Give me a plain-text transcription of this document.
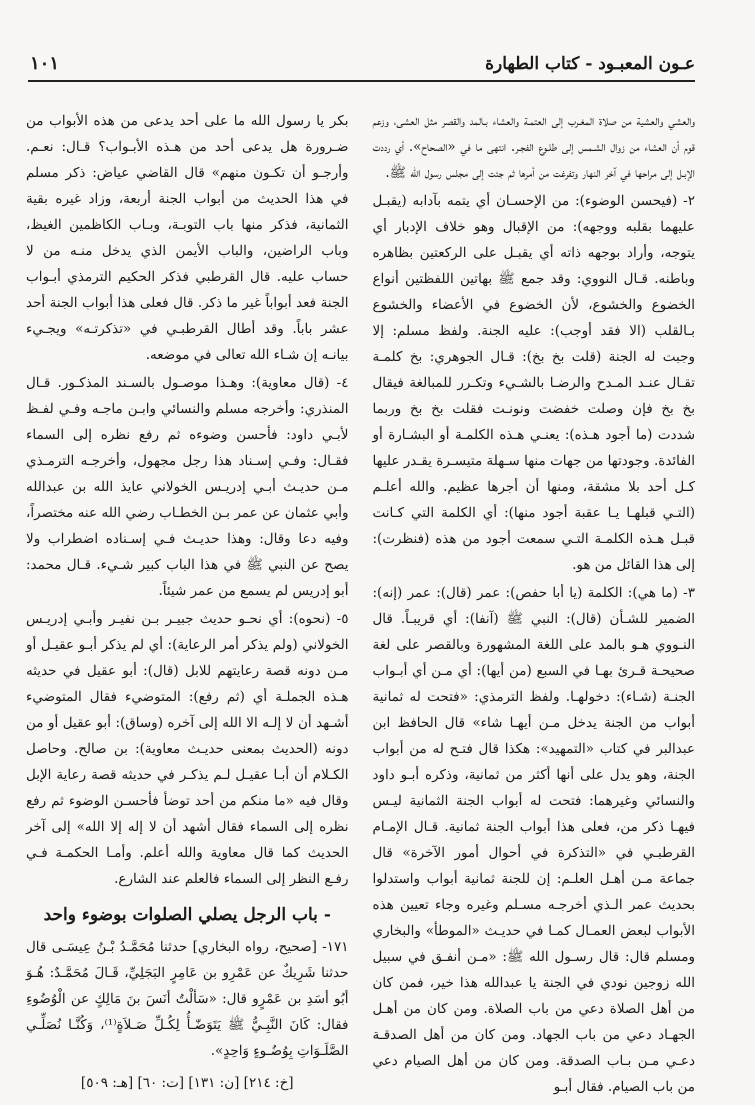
١٠١	عـون المعبـود - كتاب الطهارة

والعشي والعشية من صلاة المغـرب إلى العتمـة والعشاء بـالمد والقصر مثل العشى، وزعم قوم أن العشاء من زوال الشـمس إلى طلـوع الفجـر. انتهى ما في «الصحاح». أي رددت الإبـل إلى مراحها في آخر النهار وتفرغت من أمرها ثم جئت إلى مجلس رسول الله ﷺ.

٢- (فيحسن الوضوء): من الإحسـان أي يتمه بآدابه (يقبـل عليهما بقلبه ووجهه): من الإقبال وهو خلاف الإدبار أي يتوجه، وأراد بوجهه ذاته أي يقبـل على الركعتين بظاهره وباطنه. قـال النووي: وقد جمع ﷺ بهاتين اللفظتين أنواع الخضوع والخشوع، لأن الخضوع في الأعضاء والخشوع بـالقلب (الا فقد أوجب): عليه الجنة. ولفظ مسلم: إلا وجبت له الجنة (قلت بخ بخ): قـال الجوهري: بخ كلمـة تقـال عنـد المـدح والرضـا بالشـيء وتكـرر للمبالغة فيقال بخ بخ فإن وصلت خفضت ونونـت فقلت بخ بخ وربما شددت (ما أجود هـذه): يعنـي هـذه الكلمـة أو البشـارة أو الفائدة. وجودتها من جهات منها سـهلة متيسـرة يقـدر عليها كـل أحد بلا مشقة، ومنها أن أجرها عظيم. والله أعلـم (التـي قبلهـا يـا عقبة أجود منها): أي الكلمة التي كـانت قبـل هـذه الكلمـة التـي سمعت أجود من هذه (فنظرت): إلى هذا القائل من هو.

٣- (ما هي): الكلمة (يا أبا حفص): عمر (قال): عمر (إنه): الضمير للشـأن (قال): النبي ﷺ (آنفا): أي قريبـاً. قال النـووي هـو بالمد على اللغة المشهورة وبالقصر على لغة صحيحـة قـرئ بهـا في السبع (من أيها): أي مـن أي أبـواب الجنـة (شـاء): دخولهـا. ولفظ الترمذي: «فتحت له ثمانية أبواب من الجنة يدخل مـن أيهـا شاء» قال الحافظ ابن عبدالبر في كتاب «التمهيد»: هكذا قال فتـح له من أبواب الجنة، وهو يدل على أنها أكثر من ثمانية، وذكره أبـو داود والنسائي وغيرهما: فتحت له أبواب الجنة الثمانية ليـس فيهـا ذكر من، فعلى هذا أبواب الجنة ثمانية. قـال الإمـام القرطبـي في «التذكرة في أحوال أمور الآخرة» قال جماعة مـن أهـل العلـم: إن للجنة ثمانية أبواب واستدلوا بحديث عمر الـذي أخرجـه مسـلم وغيره وجاء تعيين هذه الأبواب لبعض العمـال كمـا في حديـث «الموطأ» والبخاري ومسلم قال: قال رسـول الله ﷺ: «مـن أنفـق في سبيل الله زوجين نودي في الجنة يا عبدالله هذا خير، فمن كان من أهل الصلاة دعي من باب الصلاة. ومن كان من أهـل الجهـاد دعي من باب الجهاد. ومن كان من أهل الصدقـة دعـي مـن بـاب الصدقة. ومن كان من أهل الصيام دعي من باب الصيام. فقال أبـو

بكر يا رسول الله ما على أحد يدعى من هذه الأبواب من ضـرورة هل يدعى أحد من هـذه الأبـواب؟ قـال: نعـم. وأرجـو أن تكـون منهم» قال القاضي عياض: ذكر مسلم في هذا الحديث من أبواب الجنة أربعة، وزاد غيره بقية الثمانية، فذكر منها باب التوبـة، وبـاب الكاظمين الغيظ، وباب الراضين، والباب الأيمن الذي يدخل منـه من لا حساب عليه. قال القرطبي فذكر الحكيم الترمذي أبـواب الجنة فعد أبواباً غير ما ذكر. قال فعلى هذا أبواب الجنة أحد عشر باباً. وقد أطال القرطبـي في «تذكرتـه» ويجـيء بيانـه إن شـاء الله تعالى في موضعه.

٤- (قال معاوية): وهـذا موصـول بالسـند المذكـور. قـال المنذري: وأخرجه مسلم والنسائي وابـن ماجـه وفـي لفـظ لأبـي داود: فأحسن وضوءه ثم رفع نظره إلى السماء فقـال: وفـي إسـناد هذا رجل مجهول، وأخرجـه الترمـذي مـن حديـث أبـي إدريـس الخولاني عايذ الله بن عبدالله وأبي عثمان عن عمر بـن الخطـاب رضي الله عنه مختصراً، وفيه دعا وقال: وهذا حديـث فـي إسـناده اضطراب ولا يصح عن النبي ﷺ في هذا الباب كبير شـيء. قـال محمد: أبو إدريس لم يسمع من عمر شيئاً.

٥- (نحوه): أي نحـو حديث جبيـر بـن نفيـر وأبـي إدريـس الخولاني (ولم يذكر أمر الرعاية): أي لم يذكر أبـو عقيـل أو مـن دونه قصة رعايتهم للابل (قال): أبو عقيل في حديثه هـذه الجملـة أي (ثم رفع): المتوضيء فقال المتوضيء أشـهد أن لا إلـه الا الله إلى آخره (وساق): أبو عقيل أو من دونه (الحديث بمعنى حديـث معاوية): بن صالح. وحاصل الكـلام أن أبـا عقيـل لـم يذكـر في حديثه قصة رعاية الإبل وقال فيه «ما منكم من أحد توضأ فأحسـن الوضوء ثم رفع نظره إلى السماء فقال أشهد أن لا إله إلا الله» إلى آخر الحديث كما قال معاوية والله أعلم. وأمـا الحكمـة فـي رفـع النظر إلى السماء فالعلم عند الشارع.

- باب الرجل يصلي الصلوات بوضوء واحد

١٧١- [صحيح، رواه البخاري] حدثنا مُحَمَّـدُ بْـنُ عِيسَـى قال حدثنا شَرِيكٌ عن عَمْرِو بن عَامِرٍ البَجَلِيِّ، قَـالَ مُحَمَّـدٌ: هُـوَ أبُو أسَدِ بن عَمْرٍو قال: «سَألْتُ أنَسَ بنَ مَالِكٍ عن الْوُضُوءِ فقال: كَانَ النَّبِـيُّ ﷺ يَتَوَضّـأُ لِكُـلِّ صَـلاَةٍ⁽¹⁾، وَكُنَّـا نُصَلِّـي الصَّلَـوَاتِ بِوُضُـوءٍ وَاحِدٍ».

[خ: ٢١٤] [ن: ١٣١] [ت: ٦٠] [هـ: ٥٠٩]
